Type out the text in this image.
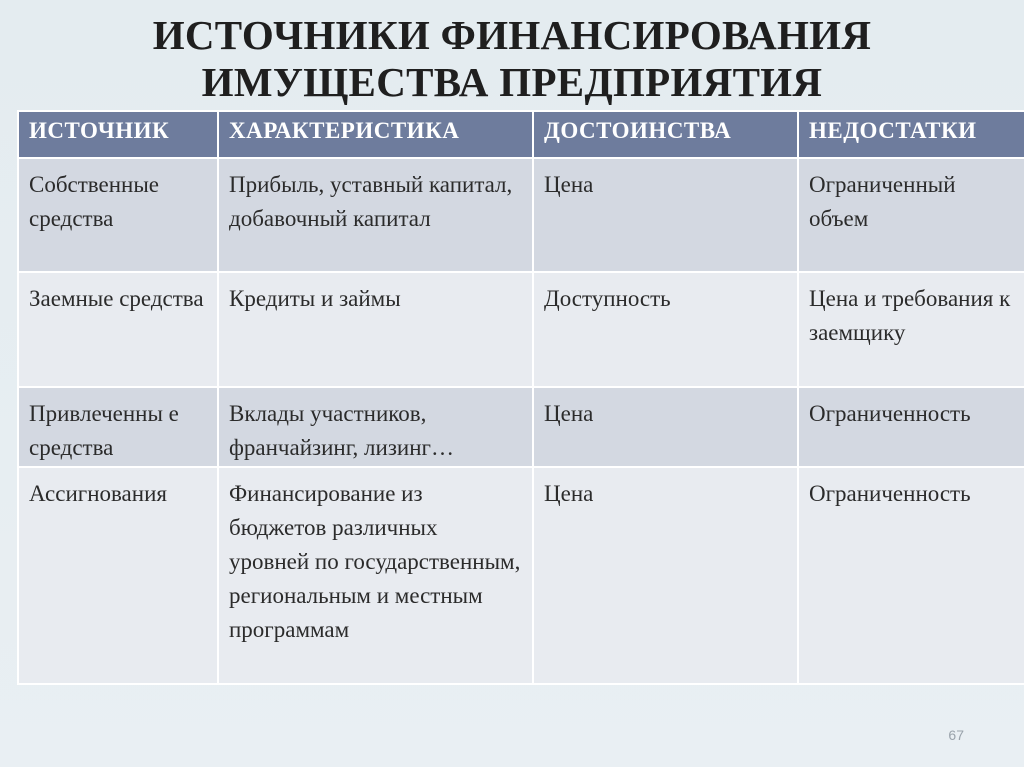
ИСТОЧНИКИ ФИНАНСИРОВАНИЯ
ИМУЩЕСТВА ПРЕДПРИЯТИЯ
ИСТОЧНИК	ХАРАКТЕРИСТИКА	ДОСТОИНСТВА	НЕДОСТАТКИ
Собственные средства	Прибыль, уставный капитал, добавочный капитал	Цена	Ограниченный объем
Заемные средства	Кредиты и займы	Доступность	Цена и требования к заемщику
Привлеченны е средства	Вклады участников, франчайзинг, лизинг…	Цена	Ограниченность
Ассигнования	Финансирование из бюджетов различных уровней по государственным, региональным и местным программам	Цена	Ограниченность
67
